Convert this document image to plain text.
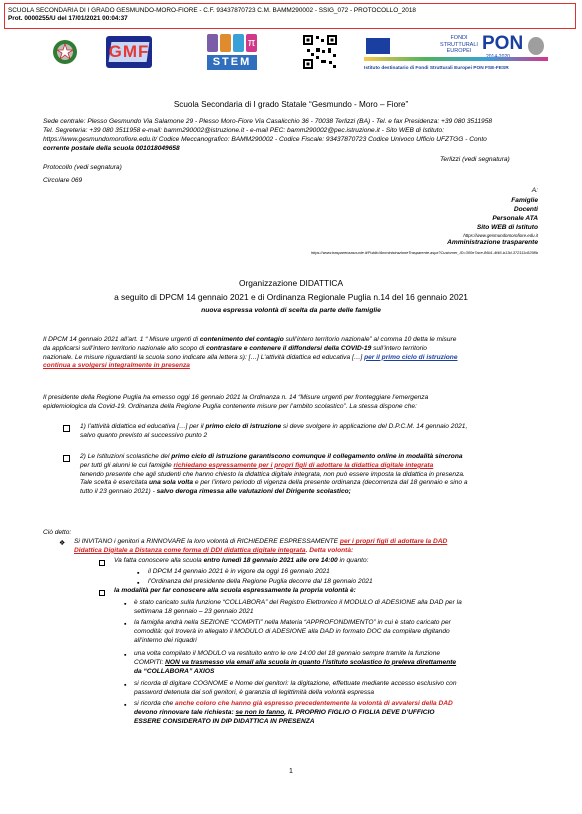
SCUOLA SECONDARIA DI I GRADO GESMUNDO-MORO-FIORE - C.F. 93437870723 C.M. BAMM290002 - SSIG_072 - PROTOCOLLO_2018
Prot. 0000255/U del 17/01/2021 00:04:37
GMF	π
STEM
FONDI STRUTTURALI EUROPEI PON
Istituto destinatario di Fondi Strutturali Europei PON FSE-FESR
Scuola Secondaria di I grado Statale “Gesmundo - Moro – Fiore”
Sede centrale: Plesso Gesmundo Via Salamone 29 - Plesso Moro-Fiore Via Casalicchio 36 - 70038 Terlizzi (BA) - Tel. e fax Presidenza: +39 080 3511958
Tel. Segreteria: +39 080 3511958 e-mail: bamm290002@istruzione.it - e-mail PEC: bamm290002@pec.istruzione.it - Sito WEB di Istituto:
https://www.gesmundomorofiore.edu.it/ Codice Meccanografico: BAMM290002 - Codice Fiscale: 93437870723 Codice Univoco Ufficio UFZTGG - Conto
corrente postale della scuola 001018049658
Protocollo (vedi segnatura)
Circolare 069
Terlizzi (vedi segnatura)
A:
Famiglie
Docenti
Personale ATA
Sito WEB di Istituto
https://www.gesmundomorofiore.edu.it
Amministrazione trasparente
https://www.trasparenzascuole.it/Public/AmministrazioneTrasparente.aspx?Customer_ID=300e7ace-86b1-4f46-b13d-372111c8298b
Organizzazione DIDATTICA
a seguito di DPCM 14 gennaio 2021 e di Ordinanza Regionale Puglia n.14 del 16 gennaio 2021
nuova espressa volontà di scelta da parte delle famiglie
Il DPCM 14 gennaio 2021 all’art. 1 “ Misure urgenti di contenimento del contagio sull’intero territorio nazionale” al comma 10 detta le misure
da applicarsi sull’intero territorio nazionale allo scopo di contrastare e contenere il diffondersi della COVID-19 sull’intero territorio
nazionale. Le misure riguardanti la scuola sono indicate alla lettera s): […] L’attività didattica ed educativa […] per il primo ciclo di istruzione
continua a svolgersi integralmente in presenza
Il presidente della Regione Puglia ha emesso oggi 16 gennaio 2021 la Ordinanza n. 14 “Misure urgenti per fronteggiare l’emergenza
epidemiologica da Covid-19. Ordinanza della Regione Puglia contenente misure per l’ambito scolastico”. La stessa dispone che:
1) l’attività didattica ed educativa […] per il primo ciclo di istruzione si deve svolgere in applicazione del D.P.C.M. 14 gennaio 2021,
salvo quanto previsto al successivo punto 2
2) Le Istituzioni scolastiche del primo ciclo di istruzione garantiscono comunque il collegamento online in modalità sincrona
per tutti gli alunni le cui famiglie richiedano espressamente per i propri figli di adottare la didattica digitale integrata
tenendo presente che agli studenti che hanno chiesto la didattica digitale integrata, non può essere imposta la didattica in presenza.
Tale scelta è esercitata una sola volta e per l’intero periodo di vigenza della presente ordinanza (decorrenza dal 18 gennaio e sino a
tutto il 23 gennaio 2021) - salvo deroga rimessa alle valutazioni del Dirigente scolastico;
Ciò detto:
❖ Si INVITANO i genitori a RINNOVARE la loro volontà di RICHIEDERE ESPRESSAMENTE per i propri figli di adottare la DAD
Didattica Digitale a Distanza come forma di DDI didattica digitale integrata. Detta volontà:
Va fatta conoscere alla scuola entro lunedì 18 gennaio 2021 alle ore 14:00 in quanto:
▪ il DPCM 14 gennaio 2021 è in vigore da oggi 16 gennaio 2021
▪ l’Ordinanza del presidente della Regione Puglia decorre dal 18 gennaio 2021
la modalità per far conoscere alla scuola espressamente la propria volontà è:
▪ è stato caricato sulla funzione “COLLABORA” del Registro Elettronico il MODULO di ADESIONE alla DAD per la
settimana 18 gennaio – 23 gennaio 2021
▪ la famiglia andrà nella SEZIONE “COMPITI” nella Materia “APPROFONDIMENTO” in cui è stato caricato per
comodità: quì troverà in allegato il MODULO di ADESIONE alla DAD in formato DOC da compilare digitando
all’interno dei riquadri
▪ una volta compilato il MODULO va restituito entro le ore 14:00 del 18 gennaio sempre tramite la funzione
COMPITI: NON va trasmesso via email alla scuola in quanto l’istituto scolastico lo preleva direttamente
da “COLLABORA” AXIOS
▪ si ricorda di digitare COGNOME e Nome dei genitori: la digitazione, effettuate mediante accesso esclusivo con
password detenuta dai soli genitori, è garanzia di legittimità della volontà espressa
▪ si ricorda che anche coloro che hanno già espresso precedentemente la volontà di avvalersi della DAD
devono rinnovare tale richiesta: se non lo fanno, IL PROPRIO FIGLIO O FIGLIA DEVE D’UFFICIO
ESSERE CONSIDERATO IN DIP DIDATTICA IN PRESENZA
1
